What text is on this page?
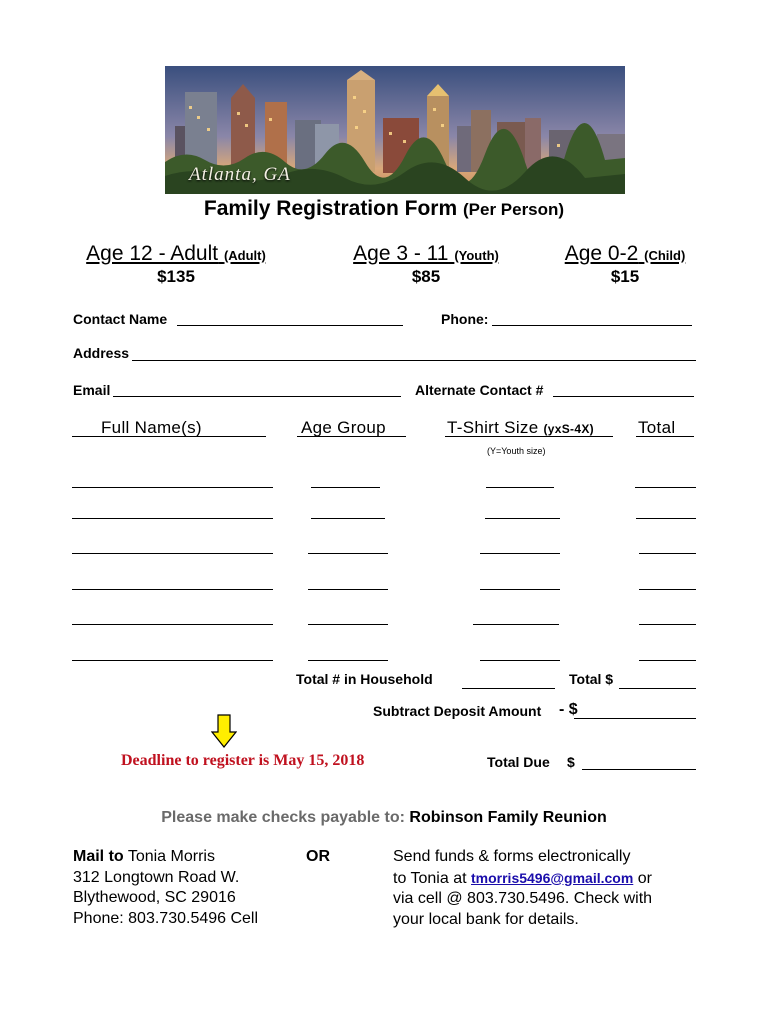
Atlanta, GA
Family Registration Form (Per Person)
Age 12 - Adult (Adult)
$135
Age 3 - 11 (Youth)
$85
Age 0-2 (Child)
$15
Contact Name	Phone:
Address
Email	Alternate Contact #
Full Name(s)	Age Group	T-Shirt Size (yxS-4X)	Total
(Y=Youth size)
Total # in Household	Total $
Subtract Deposit Amount - $
Deadline to register is May 15, 2018	Total Due $
Please make checks payable to: Robinson Family Reunion
Mail to Tonia Morris
312 Longtown Road W.
Blythewood, SC 29016
Phone: 803.730.5496 Cell
OR	Send funds & forms electronically
to Tonia at tmorris5496@gmail.com or
via cell @ 803.730.5496. Check with
your local bank for details.
